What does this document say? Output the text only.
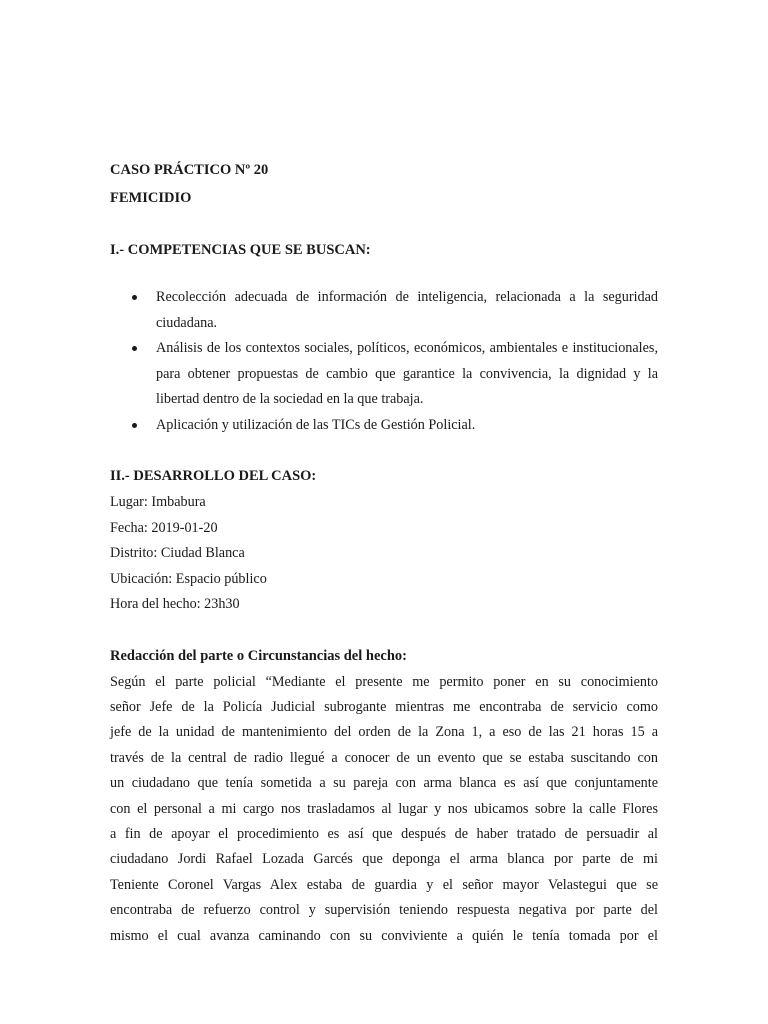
CASO PRÁCTICO Nº 20

FEMICIDIO

I.- COMPETENCIAS QUE SE BUSCAN:

Recolección adecuada de información de inteligencia, relacionada a la seguridad ciudadana.
Análisis de los contextos sociales, políticos, económicos, ambientales e institucionales, para obtener propuestas de cambio que garantice la convivencia, la dignidad y la libertad dentro de la sociedad en la que trabaja.
Aplicación y utilización de las TICs de Gestión Policial.

II.- DESARROLLO DEL CASO:

Lugar: Imbabura

Fecha: 2019-01-20

Distrito: Ciudad Blanca

Ubicación: Espacio público

Hora del hecho: 23h30

Redacción del parte o Circunstancias del hecho:

Según el parte policial “Mediante el presente me permito poner en su conocimiento
señor Jefe de la Policía Judicial subrogante mientras me encontraba de servicio como
jefe de la unidad de mantenimiento del orden de la Zona 1, a eso de las 21 horas 15 a
través de la central de radio llegué a conocer de un evento que se estaba suscitando con
un ciudadano que tenía sometida a su pareja con arma blanca es así que conjuntamente
con el personal a mi cargo nos trasladamos al lugar y nos ubicamos sobre la calle Flores
a fin de apoyar el procedimiento es así que después de haber tratado de persuadir al
ciudadano Jordi Rafael Lozada Garcés que deponga el arma blanca por parte de mi
Teniente Coronel Vargas Alex estaba de guardia y el señor mayor Velastegui que se
encontraba de refuerzo control y supervisión teniendo respuesta negativa por parte del
mismo el cual avanza caminando con su conviviente a quién le tenía tomada por el
